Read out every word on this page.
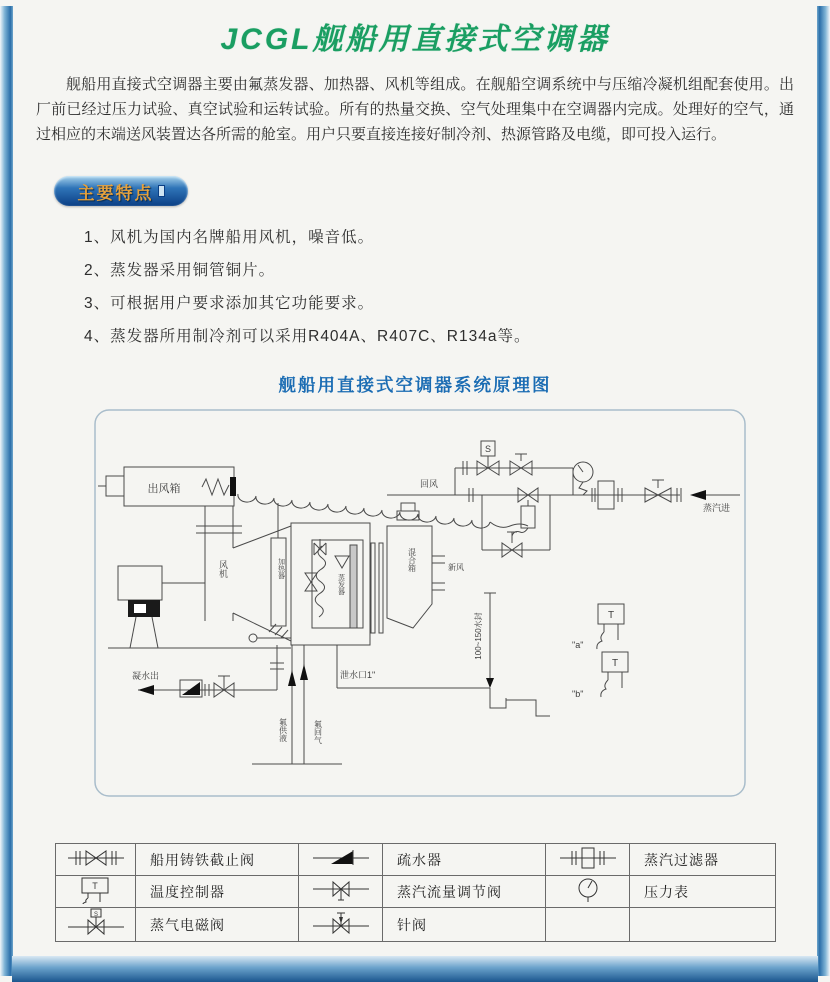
JCGL舰船用直接式空调器
舰船用直接式空调器主要由氟蒸发器、加热器、风机等组成。在舰船空调系统中与压缩冷凝机组配套使用。出厂前已经过压力试验、真空试验和运转试验。所有的热量交换、空气处理集中在空调器内完成。处理好的空气，通过相应的末端送风装置达各所需的舱室。用户只要直接连接好制冷剂、热源管路及电缆，即可投入运行。
主要特点
1、风机为国内名牌船用风机，噪音低。
2、蒸发器采用铜管铜片。
3、可根据用户要求添加其它功能要求。
4、蒸发器所用制冷剂可以采用R404A、R407C、R134a等。
舰船用直接式空调器系统原理图
出风箱
加热器
蒸发器
混合箱	新风
风机
氟供液	氟回气
凝水出	泄水口1"
100~150水封
回风
S
蒸汽进
T
"a"
T
"b"
	船用铸铁截止阀		疏水器		蒸汽过滤器

T	温度控制器		蒸汽流量调节阀		压力表

S	蒸气电磁阀		针阀		
